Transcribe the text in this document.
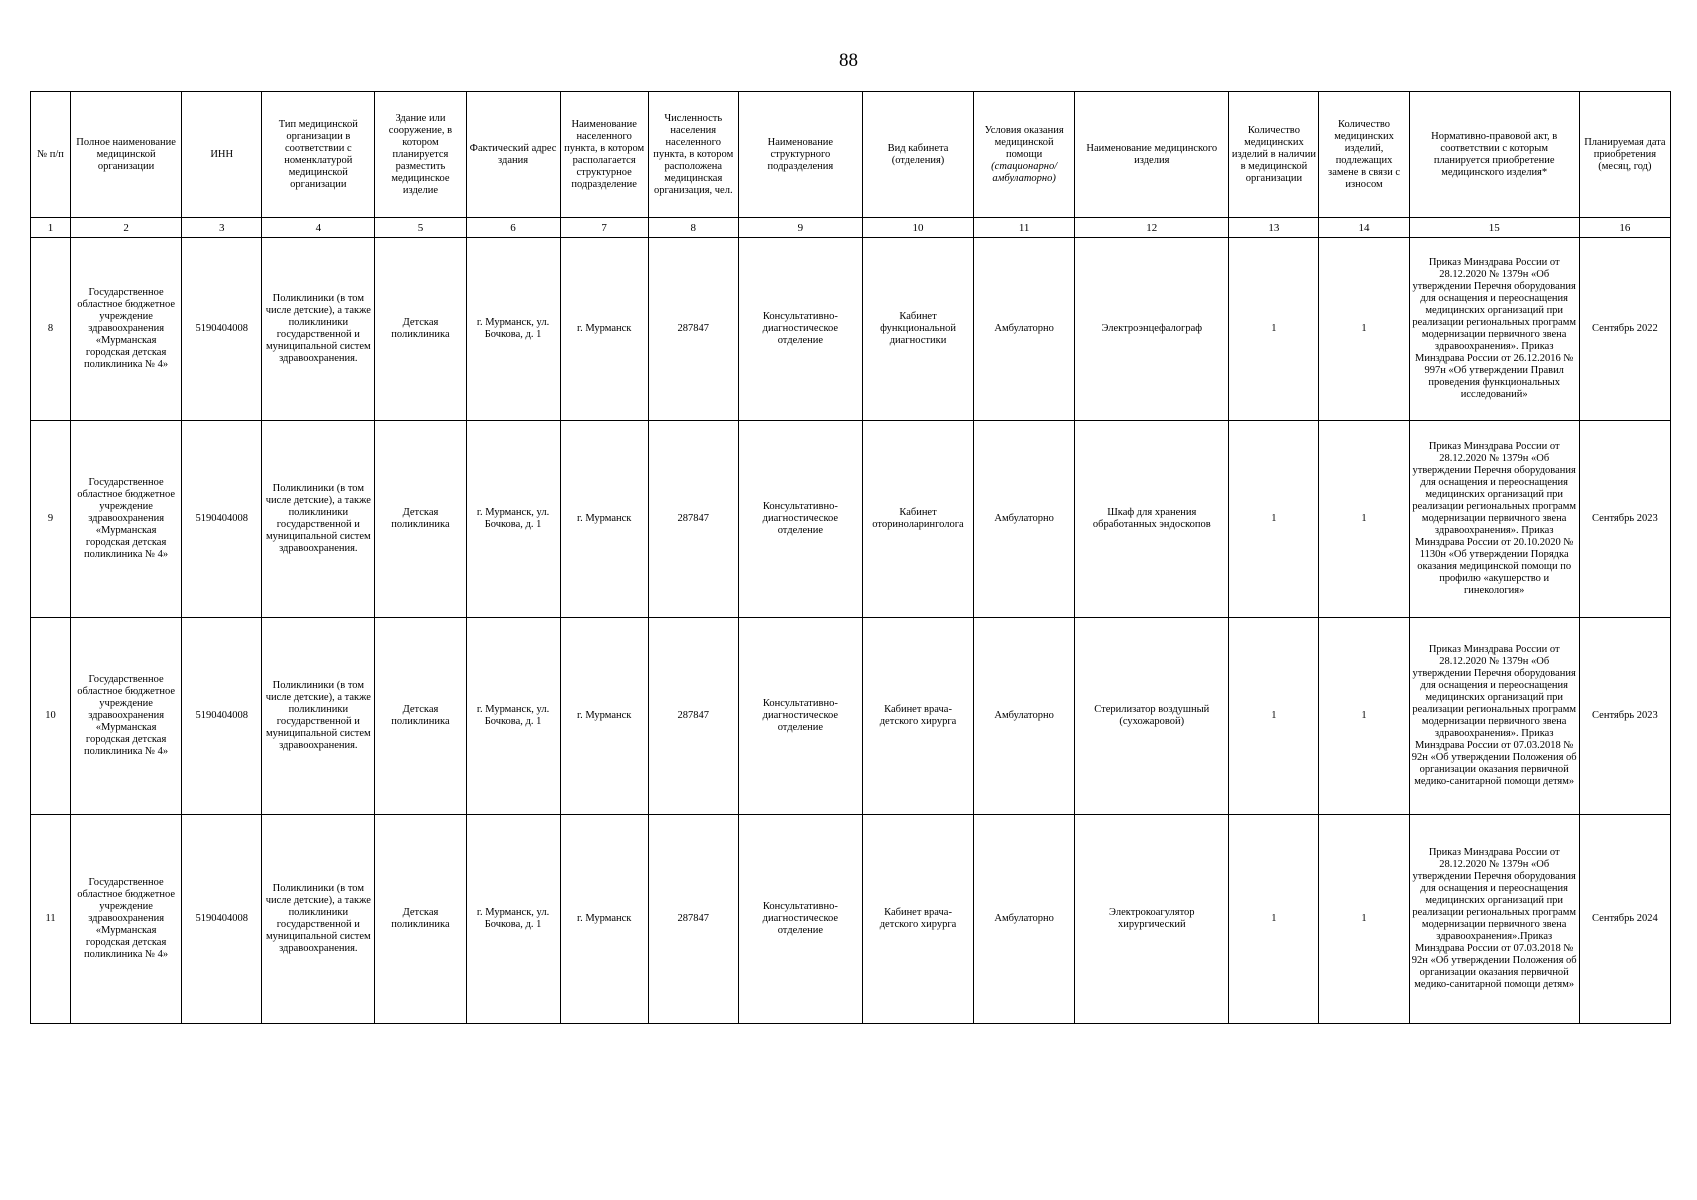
88
№ п/п	Полное наименование медицинской организации	ИНН	Тип медицинской организации в соответствии с номенклатурой медицинской организации	Здание или сооружение, в котором планируется разместить медицинское изделие	Фактический адрес здания	Наименование населенного пункта, в котором располагается структурное подразделение	Численность населения населенного пункта, в котором расположена медицинская организация, чел.	Наименование структурного подразделения	Вид кабинета (отделения)	Условия оказания медицинской помощи (стационарно/ амбулаторно)	Наименование медицинского изделия	Количество медицинских изделий в наличии в медицинской организации	Количество медицинских изделий, подлежащих замене в связи с износом	Нормативно-правовой акт, в соответствии с которым планируется приобретение медицинского изделия*	Планируемая дата приобретения (месяц, год)
1	2	3	4	5	6	7	8	9	10	11	12	13	14	15	16
8	Государственное областное бюджетное учреждение здравоохранения «Мурманская городская детская поликлиника № 4»	5190404008	Поликлиники (в том числе детские), а также поликлиники государственной и муниципальной систем здравоохранения.	Детская поликлиника	г. Мурманск, ул. Бочкова, д. 1	г. Мурманск	287847	Консультативно-диагностическое отделение	Кабинет функциональной диагностики	Амбулаторно	Электроэнцефалограф	1	1	Приказ Минздрава России от 28.12.2020 № 1379н «Об утверждении Перечня оборудования для оснащения и переоснащения медицинских организаций при реализации региональных программ модернизации первичного звена здравоохранения». Приказ Минздрава России от 26.12.2016 № 997н «Об утверждении Правил проведения функциональных исследований»	Сентябрь 2022
9	Государственное областное бюджетное учреждение здравоохранения «Мурманская городская детская поликлиника № 4»	5190404008	Поликлиники (в том числе детские), а также поликлиники государственной и муниципальной систем здравоохранения.	Детская поликлиника	г. Мурманск, ул. Бочкова, д. 1	г. Мурманск	287847	Консультативно-диагностическое отделение	Кабинет оториноларинголога	Амбулаторно	Шкаф для хранения обработанных эндоскопов	1	1	Приказ Минздрава России от 28.12.2020 № 1379н «Об утверждении Перечня оборудования для оснащения и переоснащения медицинских организаций при реализации региональных программ модернизации первичного звена здравоохранения». Приказ Минздрава России от 20.10.2020 № 1130н «Об утверждении Порядка оказания медицинской помощи по профилю «акушерство и гинекология»	Сентябрь 2023
10	Государственное областное бюджетное учреждение здравоохранения «Мурманская городская детская поликлиника № 4»	5190404008	Поликлиники (в том числе детские), а также поликлиники государственной и муниципальной систем здравоохранения.	Детская поликлиника	г. Мурманск, ул. Бочкова, д. 1	г. Мурманск	287847	Консультативно-диагностическое отделение	Кабинет врача-детского хирурга	Амбулаторно	Стерилизатор воздушный (сухожаровой)	1	1	Приказ Минздрава России от 28.12.2020 № 1379н «Об утверждении Перечня оборудования для оснащения и переоснащения медицинских организаций при реализации региональных программ модернизации первичного звена здравоохранения». Приказ Минздрава России от 07.03.2018 № 92н «Об утверждении Положения об организации оказания первичной медико-санитарной помощи детям»	Сентябрь 2023
11	Государственное областное бюджетное учреждение здравоохранения «Мурманская городская детская поликлиника № 4»	5190404008	Поликлиники (в том числе детские), а также поликлиники государственной и муниципальной систем здравоохранения.	Детская поликлиника	г. Мурманск, ул. Бочкова, д. 1	г. Мурманск	287847	Консультативно-диагностическое отделение	Кабинет врача-детского хирурга	Амбулаторно	Электрокоагулятор хирургический	1	1	Приказ Минздрава России от 28.12.2020 № 1379н «Об утверждении Перечня оборудования для оснащения и переоснащения медицинских организаций при реализации региональных программ модернизации первичного звена здравоохранения».Приказ Минздрава России от 07.03.2018 № 92н «Об утверждении Положения об организации оказания первичной медико-санитарной помощи детям»	Сентябрь 2024
